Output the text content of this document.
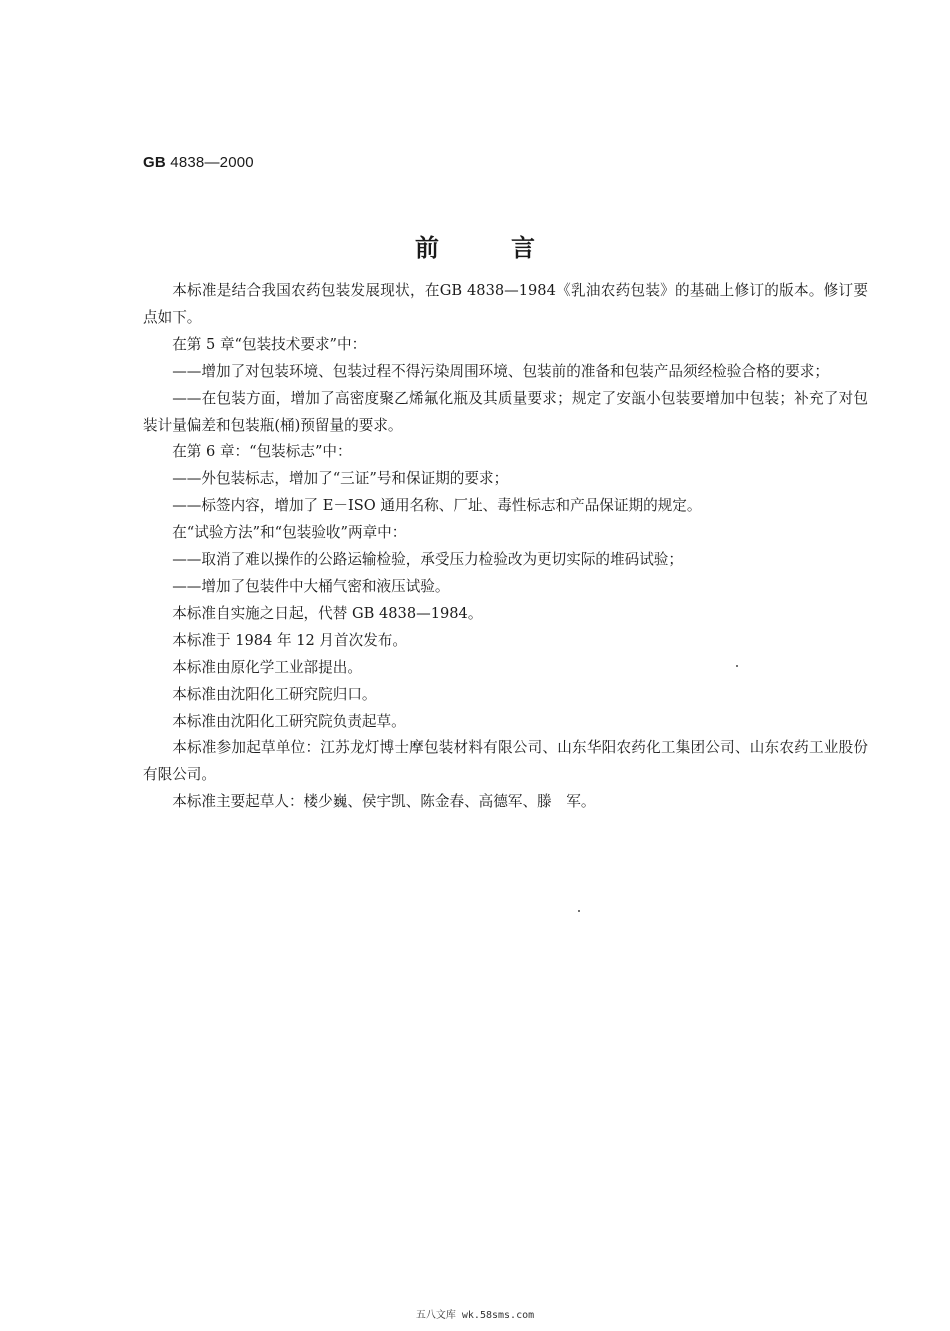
GB 4838—2000
前言

本标准是结合我国农药包装发展现状，在GB 4838—1984《乳油农药包装》的基础上修订的版本。修订要点如下。

在第 5 章“包装技术要求”中：

——增加了对包装环境、包装过程不得污染周围环境、包装前的准备和包装产品须经检验合格的要求；

——在包装方面，增加了高密度聚乙烯氟化瓶及其质量要求；规定了安瓿小包装要增加中包装；补充了对包装计量偏差和包装瓶(桶)预留量的要求。

在第 6 章：“包装标志”中：

——外包装标志，增加了“三证”号和保证期的要求；

——标签内容，增加了 E－ISO 通用名称、厂址、毒性标志和产品保证期的规定。

在“试验方法”和“包装验收”两章中：

——取消了难以操作的公路运输检验，承受压力检验改为更切实际的堆码试验；

——增加了包装件中大桶气密和液压试验。

本标准自实施之日起，代替 GB 4838—1984。

本标准于 1984 年 12 月首次发布。

本标准由原化学工业部提出。

本标准由沈阳化工研究院归口。

本标准由沈阳化工研究院负责起草。

本标准参加起草单位：江苏龙灯博士摩包装材料有限公司、山东华阳农药化工集团公司、山东农药工业股份有限公司。

本标准主要起草人：楼少巍、侯宇凯、陈金春、高德军、滕　军。

五八文库 wk.58sms.com
